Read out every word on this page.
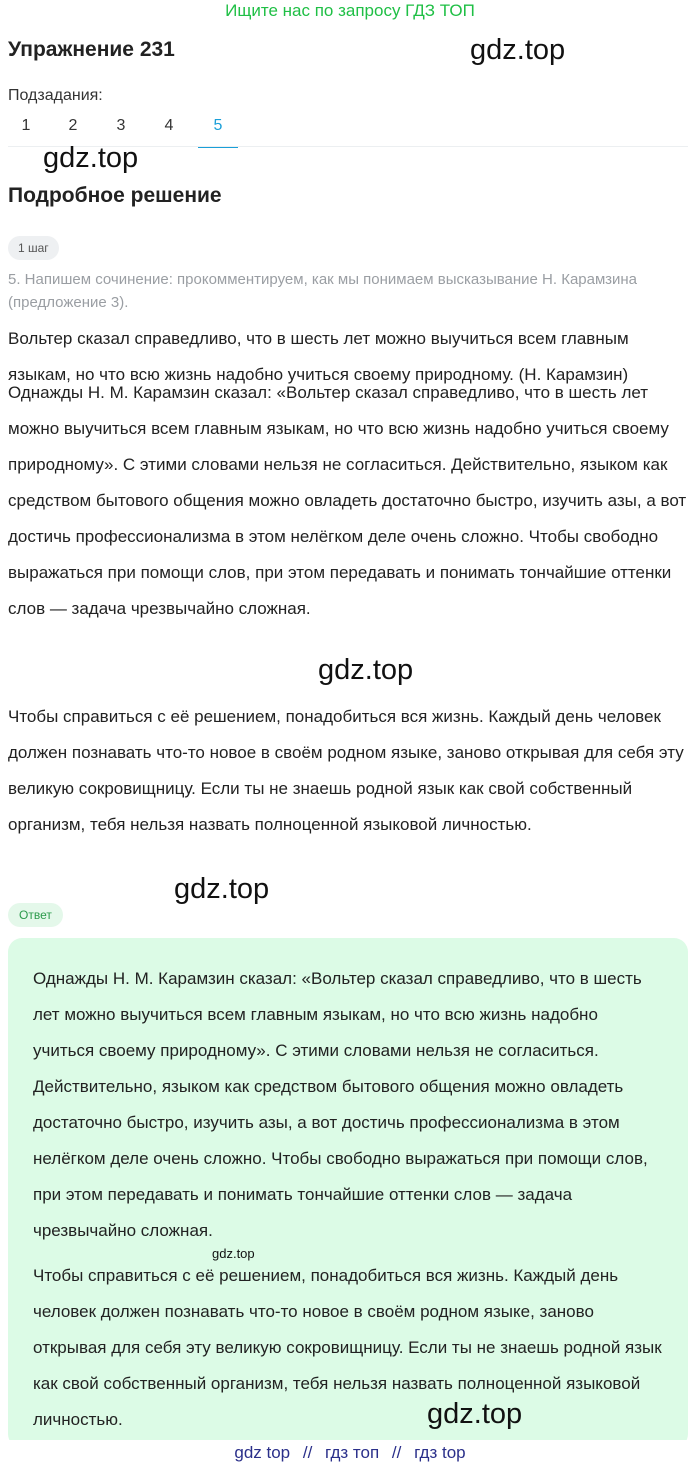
Ищите нас по запросу ГДЗ ТОП
Упражнение 231	gdz.top
Подзадания:
1	2	3	4	5
gdz.top
Подробное решение
1 шаг
5. Напишем сочинение: прокомментируем, как мы понимаем высказывание Н. Карамзина (предложение 3).
Вольтер сказал справедливо, что в шесть лет можно выучиться всем главным языкам, но что всю жизнь надобно учиться своему природному. (Н. Карамзин)
Однажды Н. М. Карамзин сказал: «Вольтер сказал справедливо, что в шесть лет можно выучиться всем главным языкам, но что всю жизнь надобно учиться своему природному». С этими словами нельзя не согласиться. Действительно, языком как средством бытового общения можно овладеть достаточно быстро, изучить азы, а вот достичь профессионализма в этом нелёгком деле очень сложно. Чтобы свободно выражаться при помощи слов, при этом передавать и понимать тончайшие оттенки слов — задача чрезвычайно сложная.
gdz.top
Чтобы справиться с её решением, понадобиться вся жизнь. Каждый день человек должен познавать что-то новое в своём родном языке, заново открывая для себя эту великую сокровищницу. Если ты не знаешь родной язык как свой собственный организм, тебя нельзя назвать полноценной языковой личностью.
gdz.top
Ответ
Однажды Н. М. Карамзин сказал: «Вольтер сказал справедливо, что в шесть лет можно выучиться всем главным языкам, но что всю жизнь надобно учиться своему природному». С этими словами нельзя не согласиться. Действительно, языком как средством бытового общения можно овладеть достаточно быстро, изучить азы, а вот достичь профессионализма в этом нелёгком деле очень сложно. Чтобы свободно выражаться при помощи слов, при этом передавать и понимать тончайшие оттенки слов — задача чрезвычайно сложная.
gdz.top
Чтобы справиться с её решением, понадобиться вся жизнь. Каждый день человек должен познавать что-то новое в своём родном языке, заново открывая для себя эту великую сокровищницу. Если ты не знаешь родной язык как свой собственный организм, тебя нельзя назвать полноценной языковой личностью.	gdz.top
gdz top // гдз топ // гдз top
